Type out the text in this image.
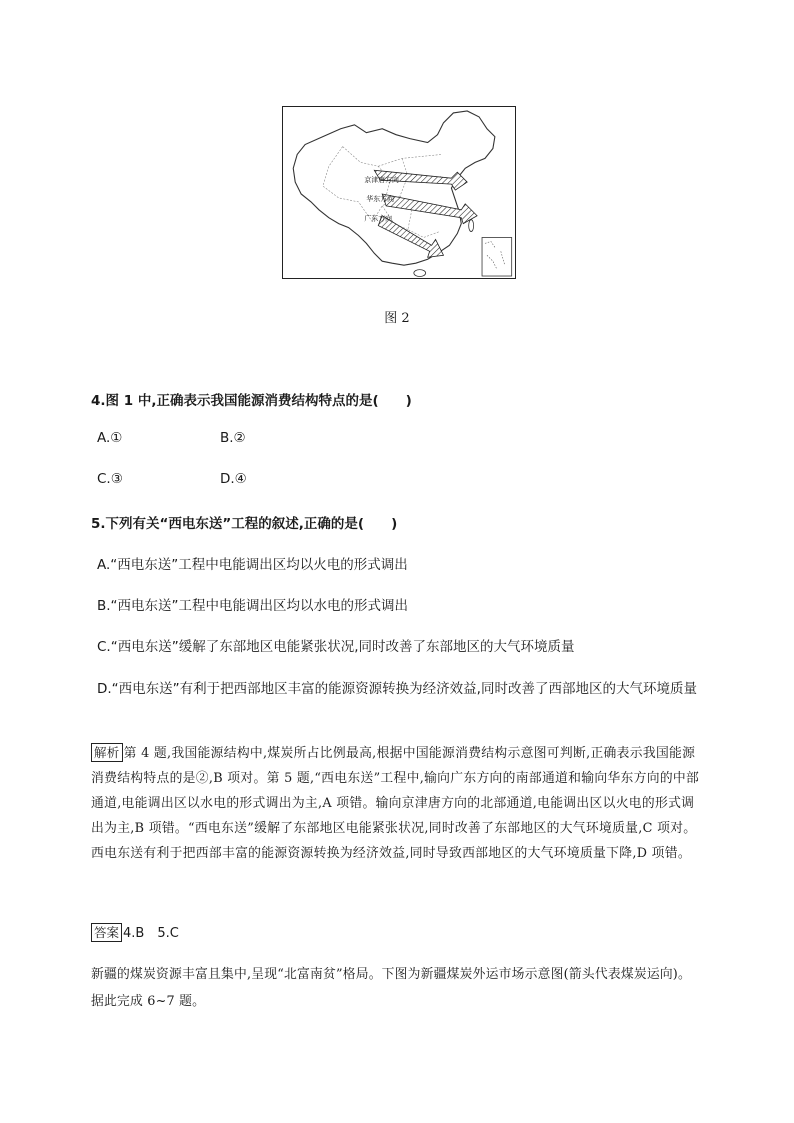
京津唐方向
华东方向
广东方向
图 2
4.图 1 中,正确表示我国能源消费结构特点的是(　　)
A.①	B.②
C.③	D.④
5.下列有关“西电东送”工程的叙述,正确的是(　　)
A.“西电东送”工程中电能调出区均以火电的形式调出
B.“西电东送”工程中电能调出区均以水电的形式调出
C.“西电东送”缓解了东部地区电能紧张状况,同时改善了东部地区的大气环境质量
D.“西电东送”有利于把西部地区丰富的能源资源转换为经济效益,同时改善了西部地区的大气环境质量
解析 第 4 题,我国能源结构中,煤炭所占比例最高,根据中国能源消费结构示意图可判断,正确表示我国能源消费结构特点的是②,B 项对。第 5 题,“西电东送”工程中,输向广东方向的南部通道和输向华东方向的中部通道,电能调出区以水电的形式调出为主,A 项错。输向京津唐方向的北部通道,电能调出区以火电的形式调出为主,B 项错。“西电东送”缓解了东部地区电能紧张状况,同时改善了东部地区的大气环境质量,C 项对。西电东送有利于把西部丰富的能源资源转换为经济效益,同时导致西部地区的大气环境质量下降,D 项错。
答案 4.B　5.C
新疆的煤炭资源丰富且集中,呈现“北富南贫”格局。下图为新疆煤炭外运市场示意图(箭头代表煤炭运向)。据此完成 6~7 题。
